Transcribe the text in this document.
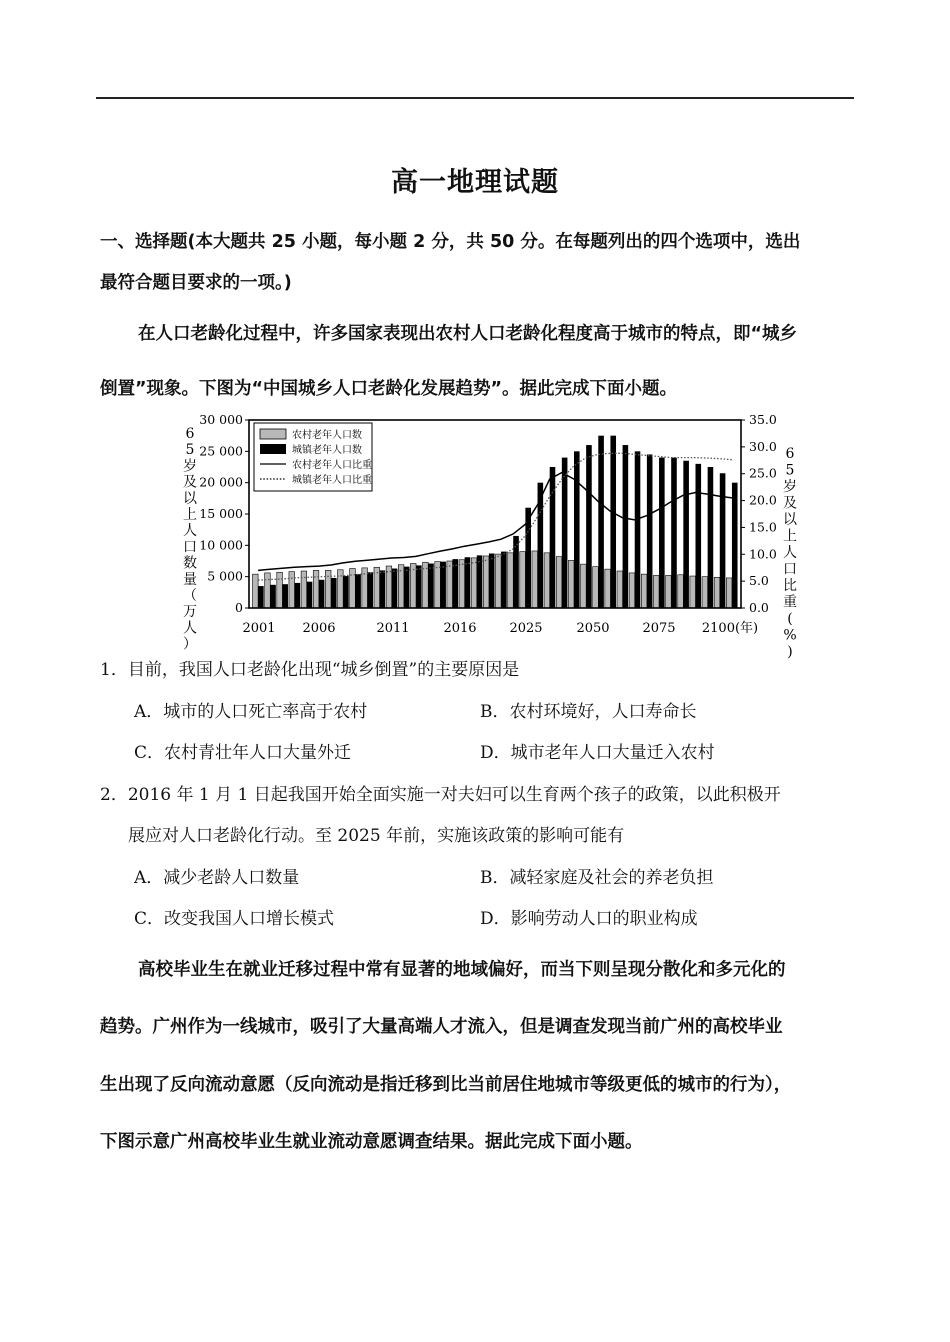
高一地理试题
一、选择题(本大题共 25 小题，每小题 2 分，共 50 分。在每题列出的四个选项中，选出
最符合题目要求的一项。)
在人口老龄化过程中，许多国家表现出农村人口老龄化程度高于城市的特点，即“城乡
倒置”现象。下图为“中国城乡人口老龄化发展趋势”。据此完成下面小题。
6
5
岁
及
以
上
人
口
数
量
（
万
人
）
6
5
岁
及
以
上
人
口
比
重
(
%
)
30 000
25 000
20 000
15 000
10 000
5 000
0
35.0
30.0
25.0
20.0
15.0
10.0
5.0
0.0
2001 2006	2011	2016	2025	2050	2075 2100(年)
农村老年人口数
城镇老年人口数
农村老年人口比重
城镇老年人口比重
1．目前，我国人口老龄化出现“城乡倒置”的主要原因是
A．城市的人口死亡率高于农村	B．农村环境好，人口寿命长
C．农村青壮年人口大量外迁	D．城市老年人口大量迁入农村
2．2016 年 1 月 1 日起我国开始全面实施一对夫妇可以生育两个孩子的政策，以此积极开
展应对人口老龄化行动。至 2025 年前，实施该政策的影响可能有
A．减少老龄人口数量	B．减轻家庭及社会的养老负担
C．改变我国人口增长模式	D．影响劳动人口的职业构成
高校毕业生在就业迁移过程中常有显著的地域偏好，而当下则呈现分散化和多元化的
趋势。广州作为一线城市，吸引了大量高端人才流入，但是调查发现当前广州的高校毕业
生出现了反向流动意愿（反向流动是指迁移到比当前居住地城市等级更低的城市的行为），
下图示意广州高校毕业生就业流动意愿调查结果。据此完成下面小题。
